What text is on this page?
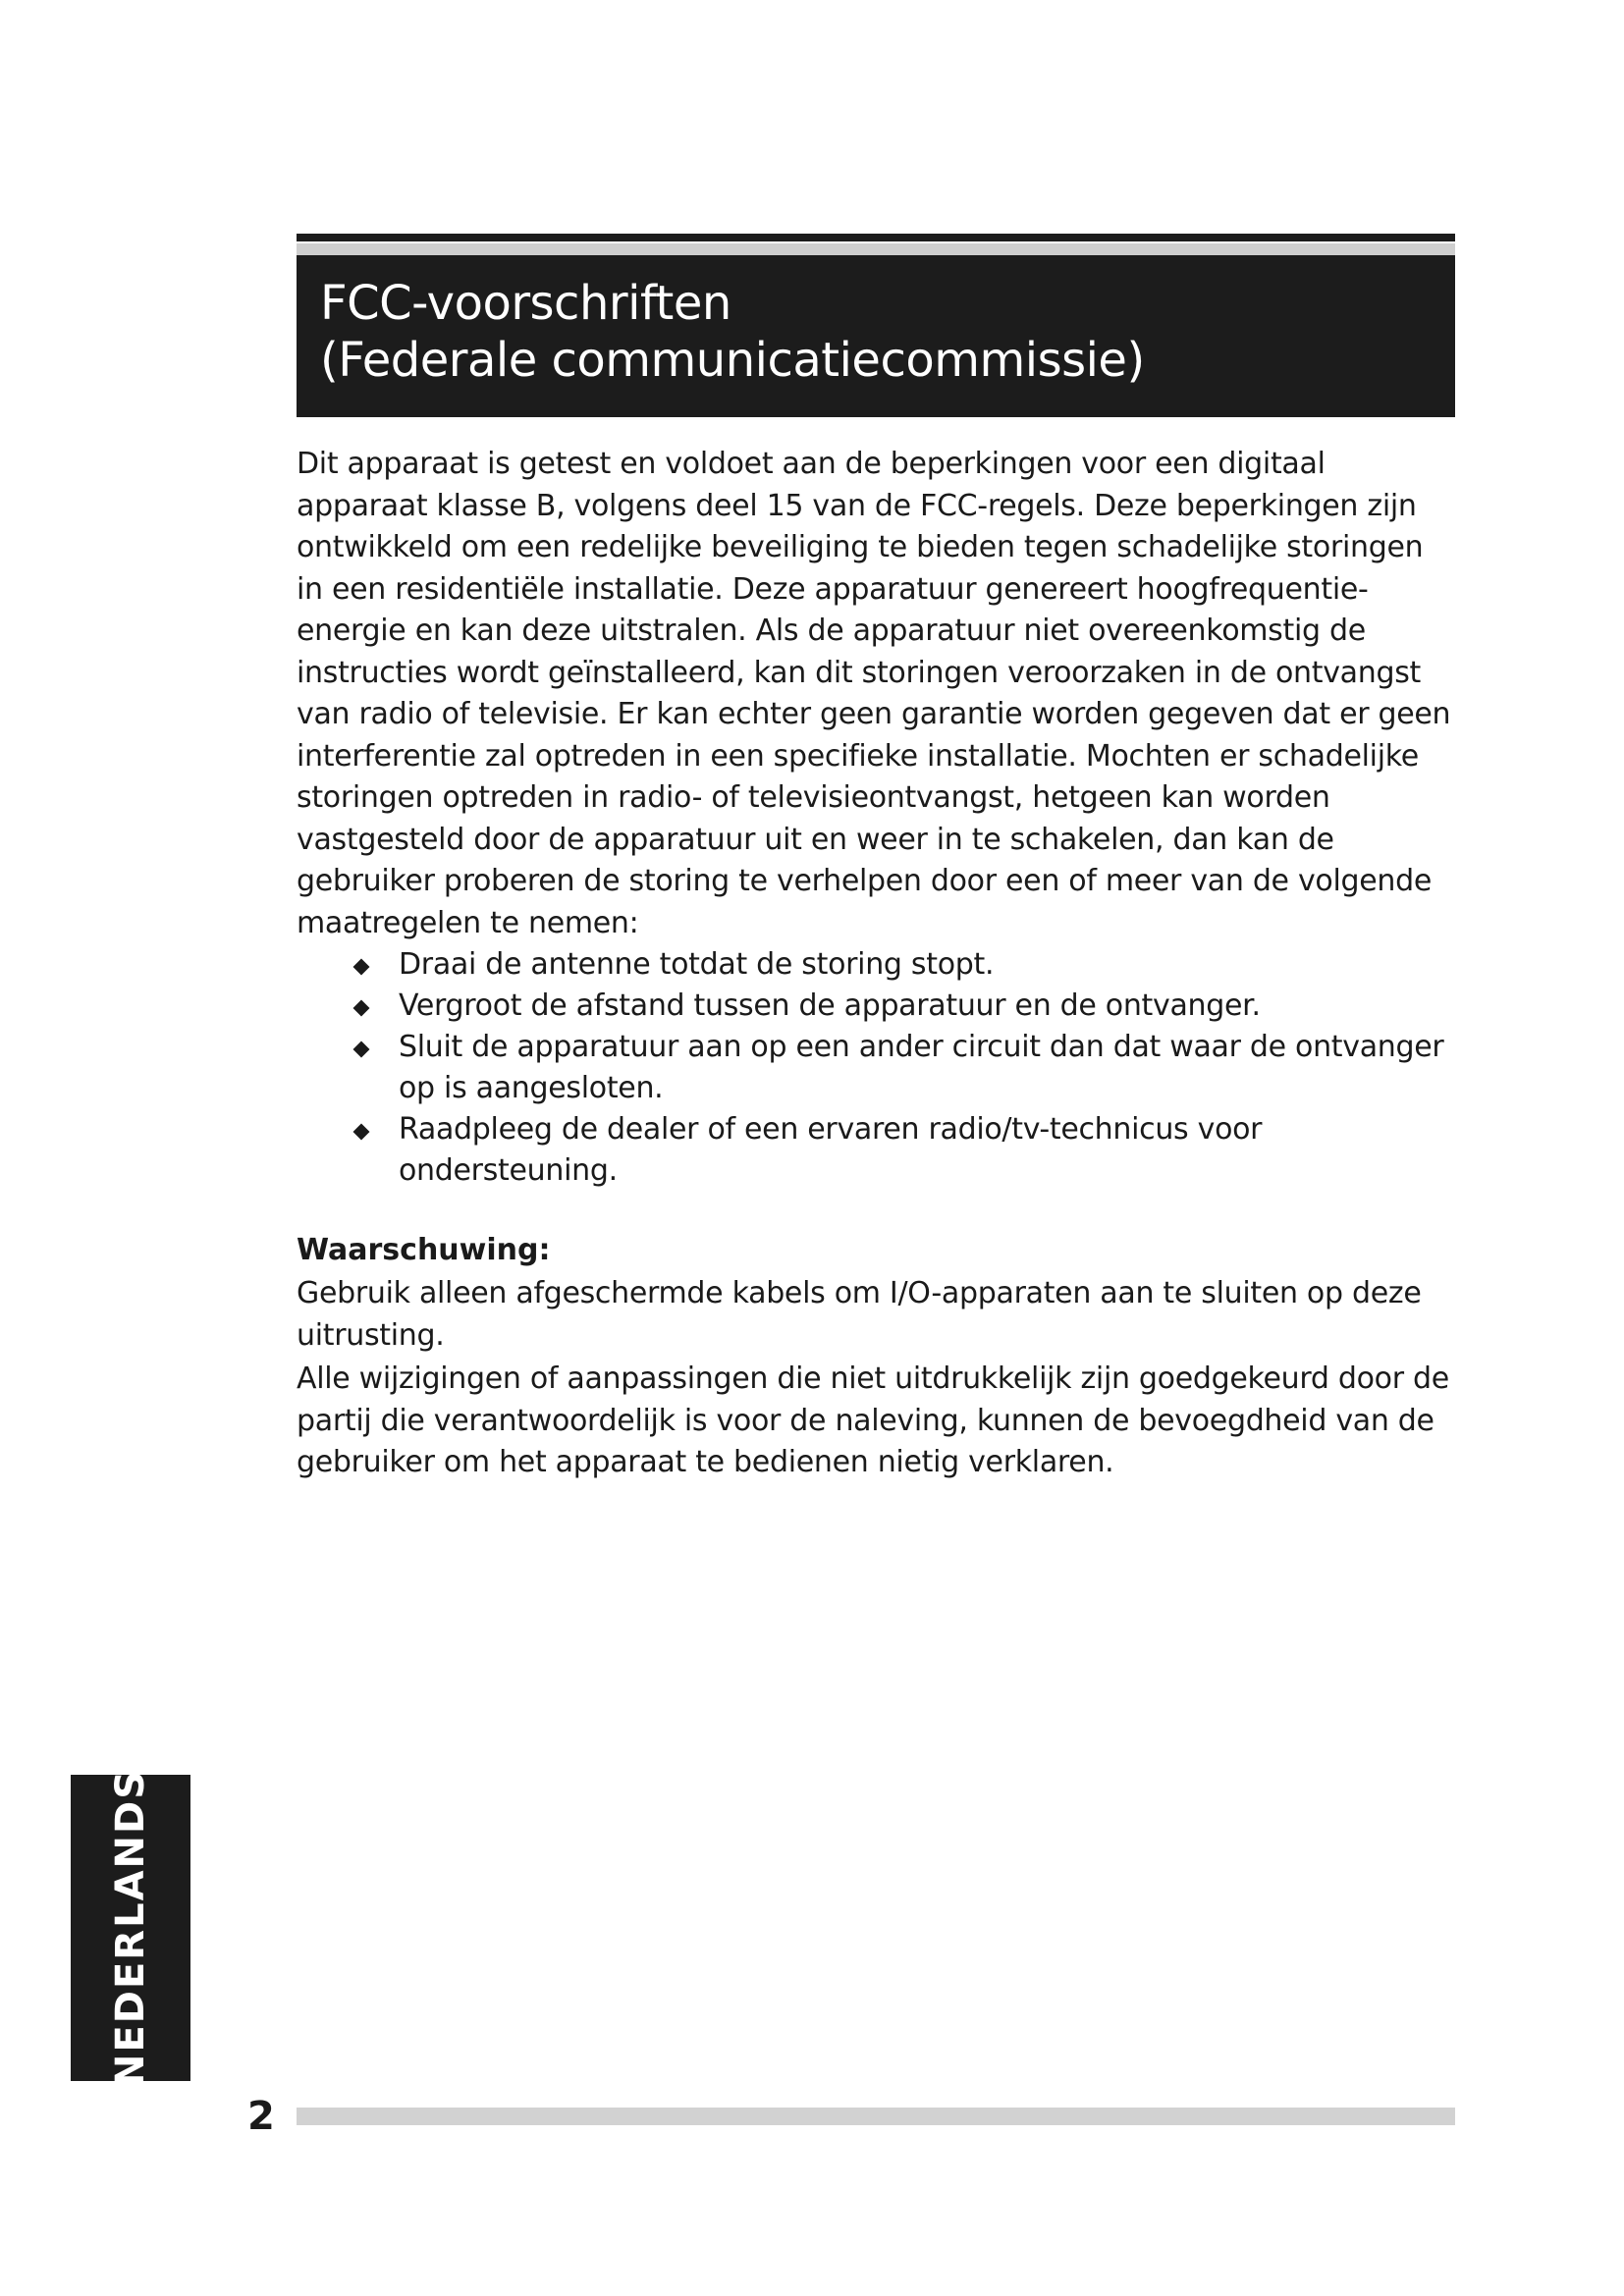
FCC-voorschriften
(Federale communicatiecommissie)

Dit apparaat is getest en voldoet aan de beperkingen voor een digitaal apparaat klasse B, volgens deel 15 van de FCC-regels. Deze beperkingen zijn ontwikkeld om een redelijke beveiliging te bieden tegen schadelijke storingen in een residentiële installatie. Deze apparatuur genereert hoogfrequentie-energie en kan deze uitstralen. Als de apparatuur niet overeenkomstig de instructies wordt geïnstalleerd, kan dit storingen veroorzaken in de ontvangst van radio of televisie. Er kan echter geen garantie worden gegeven dat er geen interferentie zal optreden in een specifieke installatie. Mochten er schadelijke storingen optreden in radio- of televisieontvangst, hetgeen kan worden vastgesteld door de apparatuur uit en weer in te schakelen, dan kan de gebruiker proberen de storing te verhelpen door een of meer van de volgende maatregelen te nemen:

Draai de antenne totdat de storing stopt.
Vergroot de afstand tussen de apparatuur en de ontvanger.
Sluit de apparatuur aan op een ander circuit dan dat waar de ontvanger op is aangesloten.
Raadpleeg de dealer of een ervaren radio/tv-technicus voor ondersteuning.

Waarschuwing:

Gebruik alleen afgeschermde kabels om I/O-apparaten aan te sluiten op deze uitrusting.

Alle wijzigingen of aanpassingen die niet uitdrukkelijk zijn goedgekeurd door de partij die verantwoordelijk is voor de naleving, kunnen de bevoegdheid van de gebruiker om het apparaat te bedienen nietig verklaren.

NEDERLANDS
2
